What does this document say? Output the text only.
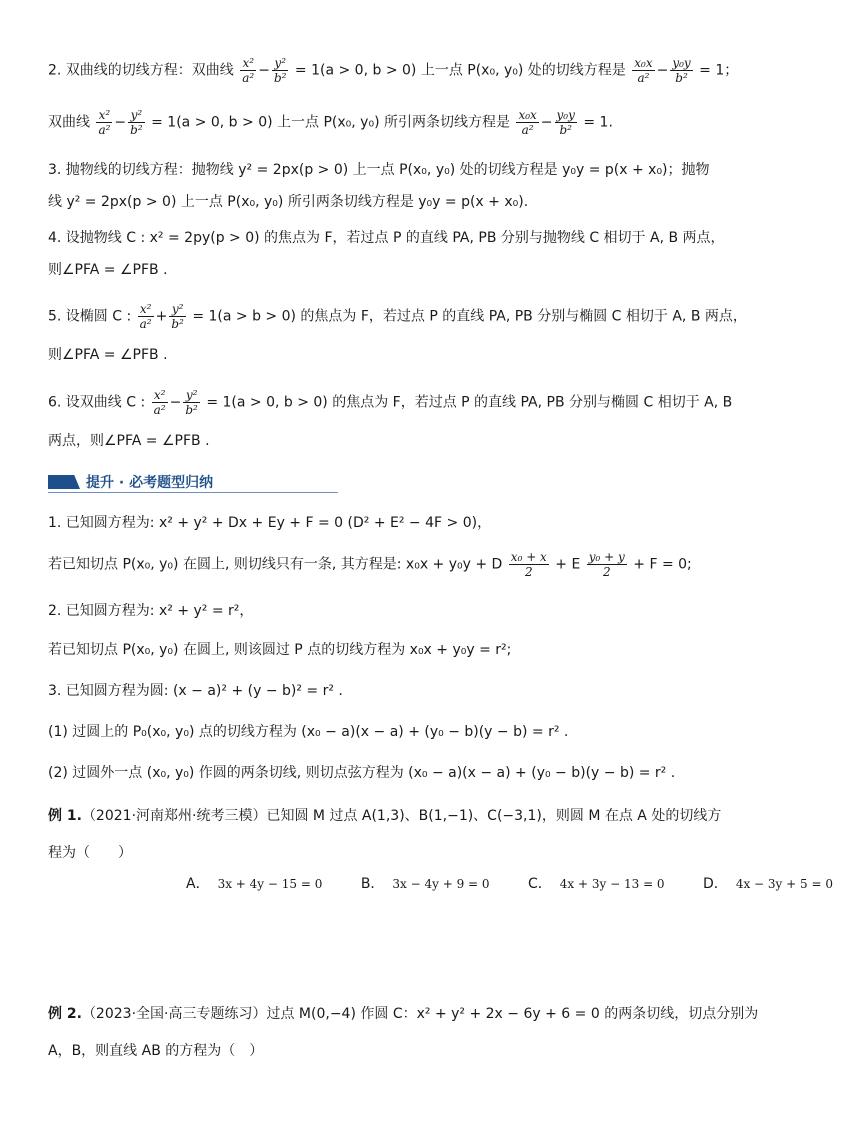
2. 双曲线的切线方程：双曲线 $\frac{\text{x²}}{\text{a²}} - \frac{\text{y²}}{\text{b²}} = 1(a > 0$, b > 0) 上一点 P(x₀, y₀) 处的切线方程是 $\frac{\text{x₀x}}{\text{a²}} - \frac{\text{y₀y}}{\text{b²}} = 1$；
双曲线 $\frac{\text{x²}}{\text{a²}} - \frac{\text{y²}}{\text{b²}} = 1(a > 0$, b > 0) 上一点 P(x₀, y₀) 所引两条切线方程是 $\frac{\text{x₀x}}{\text{a²}} - \frac{\text{y₀y}}{\text{b²}} = 1$.
3. 抛物线的切线方程：抛物线 y² = 2px(p > 0) 上一点 P(x₀, y₀) 处的切线方程是 y₀y = p(x + x₀)；抛物
线 y² = 2px(p > 0) 上一点 P(x₀, y₀) 所引两条切线方程是 y₀y = p(x + x₀).
4. 设抛物线 C : x² = 2py(p > 0) 的焦点为 F，若过点 P 的直线 PA, PB 分别与抛物线 C 相切于 A, B 两点，
则∠PFA = ∠PFB .
5. 设椭圆 C : $\frac{\text{x²}}{\text{a²}} + \frac{\text{y²}}{\text{b²}} = 1(a > b > 0)$ 的焦点为 F，若过点 P 的直线 PA, PB 分别与椭圆 C 相切于 A, B 两点，
则∠PFA = ∠PFB .
6. 设双曲线 C : $\frac{\text{x²}}{\text{a²}} - \frac{\text{y²}}{\text{b²}} = 1(a > 0$, b > 0) 的焦点为 F，若过点 P 的直线 PA, PB 分别与椭圆 C 相切于 A, B
两点，则∠PFA = ∠PFB .
提升 · 必考题型归纳
1. 已知圆方程为: x² + y² + Dx + Ey + F = 0 (D² + E² − 4F > 0)，
若已知切点 P(x₀, y₀) 在圆上, 则切线只有一条, 其方程是: x₀x + y₀y + D $\frac{\text{x₀ + x}}{2} + E \frac{\text{y₀ + y}}{2} + F = 0$;
2. 已知圆方程为: x² + y² = r²，
若已知切点 P(x₀, y₀) 在圆上, 则该圆过 P 点的切线方程为 x₀x + y₀y = r²;
3. 已知圆方程为圆: (x − a)² + (y − b)² = r² .
(1) 过圆上的 P₀(x₀, y₀) 点的切线方程为 (x₀ − a)(x − a) + (y₀ − b)(y − b) = r² .
(2) 过圆外一点 (x₀, y₀) 作圆的两条切线, 则切点弦方程为 (x₀ − a)(x − a) + (y₀ − b)(y − b) = r² .
例 1.（2021·河南郑州·统考三模）已知圆 M 过点 A(1,3)、B(1,−1)、C(−3,1)，则圆 M 在点 A 处的切线方
程为（　　）
A． 3x + 4y − 15 = 0	B． 3x − 4y + 9 = 0	C． 4x + 3y − 13 = 0	D． 4x − 3y + 5 = 0
例 2.（2023·全国·高三专题练习）过点 M(0,−4) 作圆 C：x² + y² + 2x − 6y + 6 = 0 的两条切线，切点分别为
A，B，则直线 AB 的方程为（　）
